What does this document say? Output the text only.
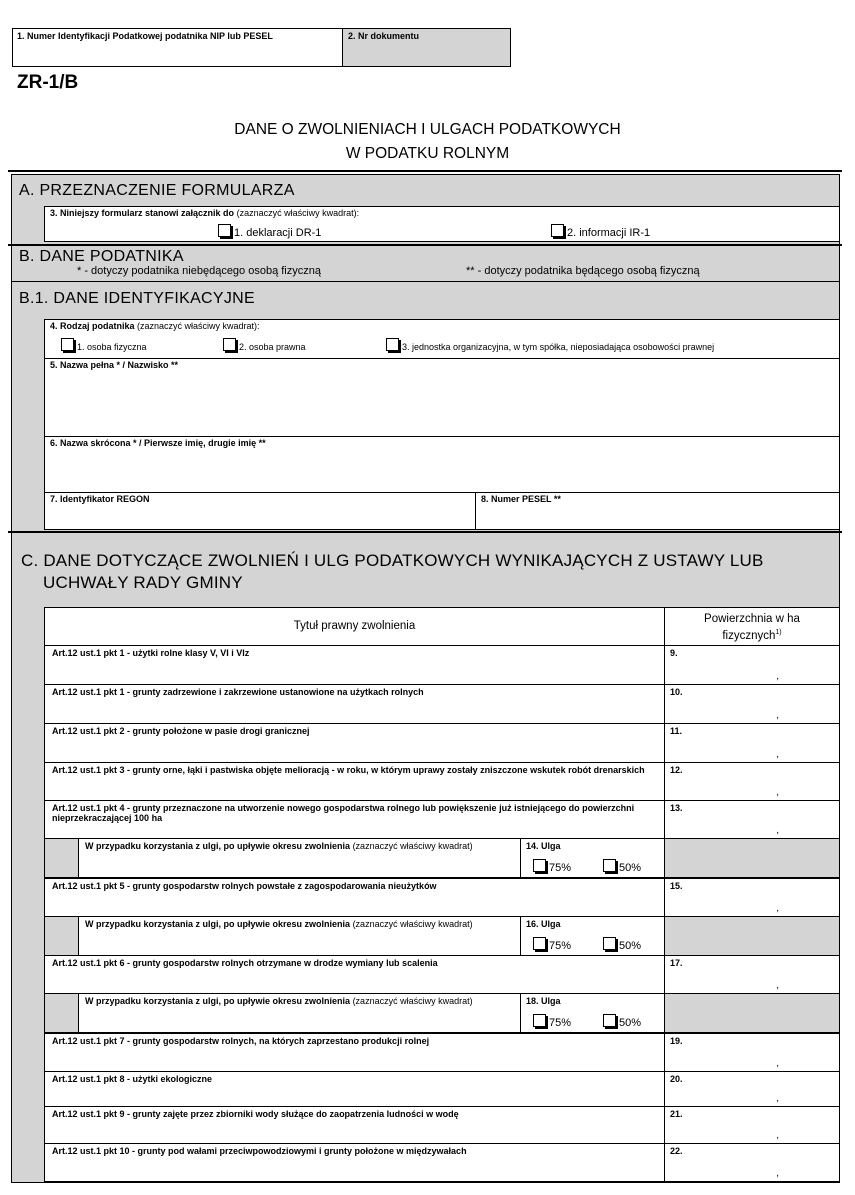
1. Numer Identyfikacji Podatkowej podatnika NIP lub PESEL	2. Nr dokumentu
ZR-1/B
DANE O ZWOLNIENIACH I ULGACH PODATKOWYCH
W PODATKU ROLNYM
A. PRZEZNACZENIE FORMULARZA
3. Niniejszy formularz stanowi załącznik do (zaznaczyć właściwy kwadrat):
1. deklaracji DR-1	2. informacji IR-1
B. DANE PODATNIKA
* - dotyczy podatnika niebędącego osobą fizyczną	** - dotyczy podatnika będącego osobą fizyczną
B.1. DANE IDENTYFIKACYJNE
4. Rodzaj podatnika (zaznaczyć właściwy kwadrat):
1. osoba fizyczna	2. osoba prawna	3. jednostka organizacyjna, w tym spółka, nieposiadająca osobowości prawnej
5. Nazwa pełna * / Nazwisko **
6. Nazwa skrócona * / Pierwsze imię, drugie imię **
7. Identyfikator REGON	8. Numer PESEL **
C. DANE DOTYCZĄCE ZWOLNIEŃ I ULG PODATKOWYCH WYNIKAJĄCYCH Z USTAWY LUB
UCHWAŁY RADY GMINY
Tytuł prawny zwolnienia
Powierzchnia w ha fizycznych$^{1)}$
Art.12 ust.1 pkt 1 - użytki rolne klasy V, VI i VIz	9.
,
Art.12 ust.1 pkt 1 - grunty zadrzewione i zakrzewione ustanowione na użytkach rolnych	10.
,
Art.12 ust.1 pkt 2 - grunty położone w pasie drogi granicznej	11.
,
Art.12 ust.1 pkt 3 - grunty orne, łąki i pastwiska objęte melioracją - w roku, w którym uprawy zostały zniszczone wskutek robót drenarskich	12.
,
Art.12 ust.1 pkt 4 - grunty przeznaczone na utworzenie nowego gospodarstwa rolnego lub powiększenie już istniejącego do powierzchni nieprzekraczającej 100 ha
13.
,
W przypadku korzystania z ulgi, po upływie okresu zwolnienia (zaznaczyć właściwy kwadrat)	14. Ulga
75%	50%
Art.12 ust.1 pkt 5 - grunty gospodarstw rolnych powstałe z zagospodarowania nieużytków	15.
,
W przypadku korzystania z ulgi, po upływie okresu zwolnienia (zaznaczyć właściwy kwadrat)	16. Ulga
75%	50%
Art.12 ust.1 pkt 6 - grunty gospodarstw rolnych otrzymane w drodze wymiany lub scalenia	17.
,
W przypadku korzystania z ulgi, po upływie okresu zwolnienia (zaznaczyć właściwy kwadrat)	18. Ulga
75%	50%
Art.12 ust.1 pkt 7 - grunty gospodarstw rolnych, na których zaprzestano produkcji rolnej	19.
,
Art.12 ust.1 pkt 8 - użytki ekologiczne	20.
,
Art.12 ust.1 pkt 9 - grunty zajęte przez zbiorniki wody służące do zaopatrzenia ludności w wodę	21.
,
Art.12 ust.1 pkt 10 - grunty pod wałami przeciwpowodziowymi i grunty położone w międzywałach	22.
,
